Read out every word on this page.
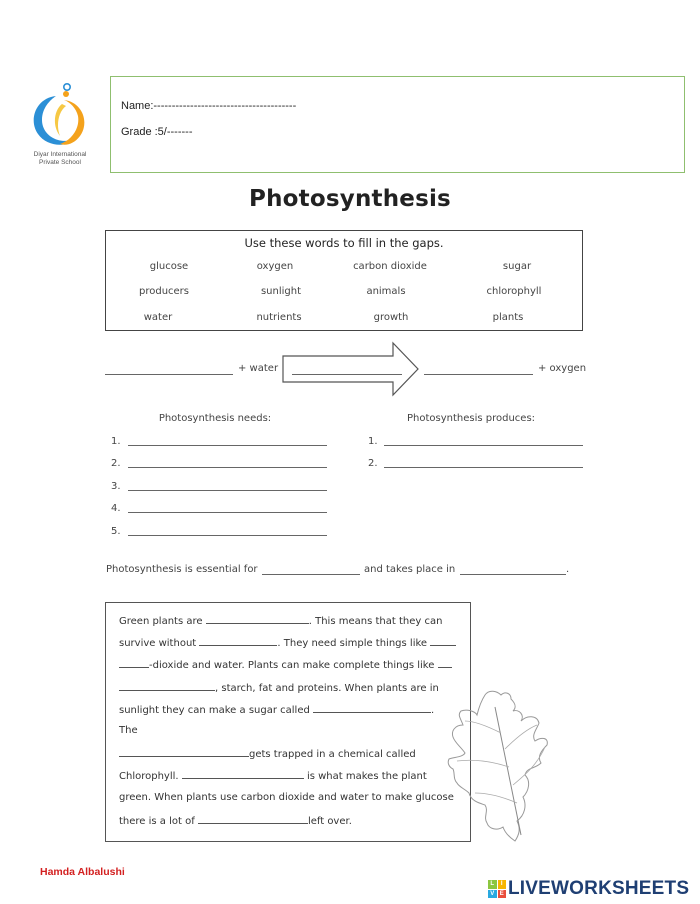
Diyar International
Private School
Name:---------------------------------------
Grade :5/-------
Photosynthesis
Use these words to fill in the gaps.
glucose	oxygen	carbon dioxide	sugar
producers	sunlight	animals	chlorophyll
water	nutrients	growth	plants
+ water	+ oxygen
Photosynthesis needs:	Photosynthesis produces:
1.
2.
3.
4.
5.
1.
2.
Photosynthesis is essential for	and takes place in	.
Green plants are	. This means that they can
survive without	. They need simple things like
-dioxide and water. Plants can make complete things like
, starch, fat and proteins. When plants are in
sunlight they can make a sugar called	.
The
gets trapped in a chemical called
Chlorophyll.	is what makes the plant
green. When plants use carbon dioxide and water to make glucose
there is a lot of	left over.
Hamda Albalushi
L	I
V E LIVEWORKSHEETS
